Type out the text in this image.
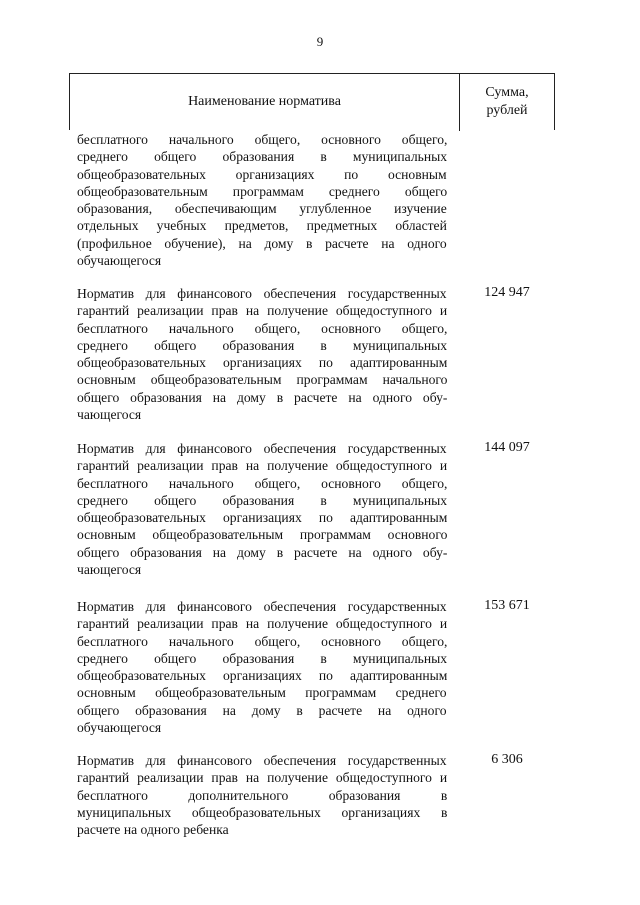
9
Наименование норматива
Сумма,
рублей
бесплатного начального общего, основного общего,
среднего общего образования в муниципальных
общеобразовательных организациях по основным
общеобразовательным программам среднего общего
образования, обеспечивающим углубленное изучение
отдельных учебных предметов, предметных областей
(профильное обучение), на дому в расчете на одного
обучающегося
Норматив для финансового обеспечения государственных
гарантий реализации прав на получение общедоступного и
бесплатного начального общего, основного общего,
среднего общего образования в муниципальных
общеобразовательных организациях по адаптированным
основным общеобразовательным программам начального
общего образования на дому в расчете на одного обу-
чающегося
124 947
Норматив для финансового обеспечения государственных
гарантий реализации прав на получение общедоступного и
бесплатного начального общего, основного общего,
среднего общего образования в муниципальных
общеобразовательных организациях по адаптированным
основным общеобразовательным программам основного
общего образования на дому в расчете на одного обу-
чающегося
144 097
Норматив для финансового обеспечения государственных
гарантий реализации прав на получение общедоступного и
бесплатного начального общего, основного общего,
среднего общего образования в муниципальных
общеобразовательных организациях по адаптированным
основным общеобразовательным программам среднего
общего образования на дому в расчете на одного
обучающегося
153 671
Норматив для финансового обеспечения государственных
гарантий реализации прав на получение общедоступного и
бесплатного дополнительного образования в
муниципальных общеобразовательных организациях в
расчете на одного ребенка
6 306
